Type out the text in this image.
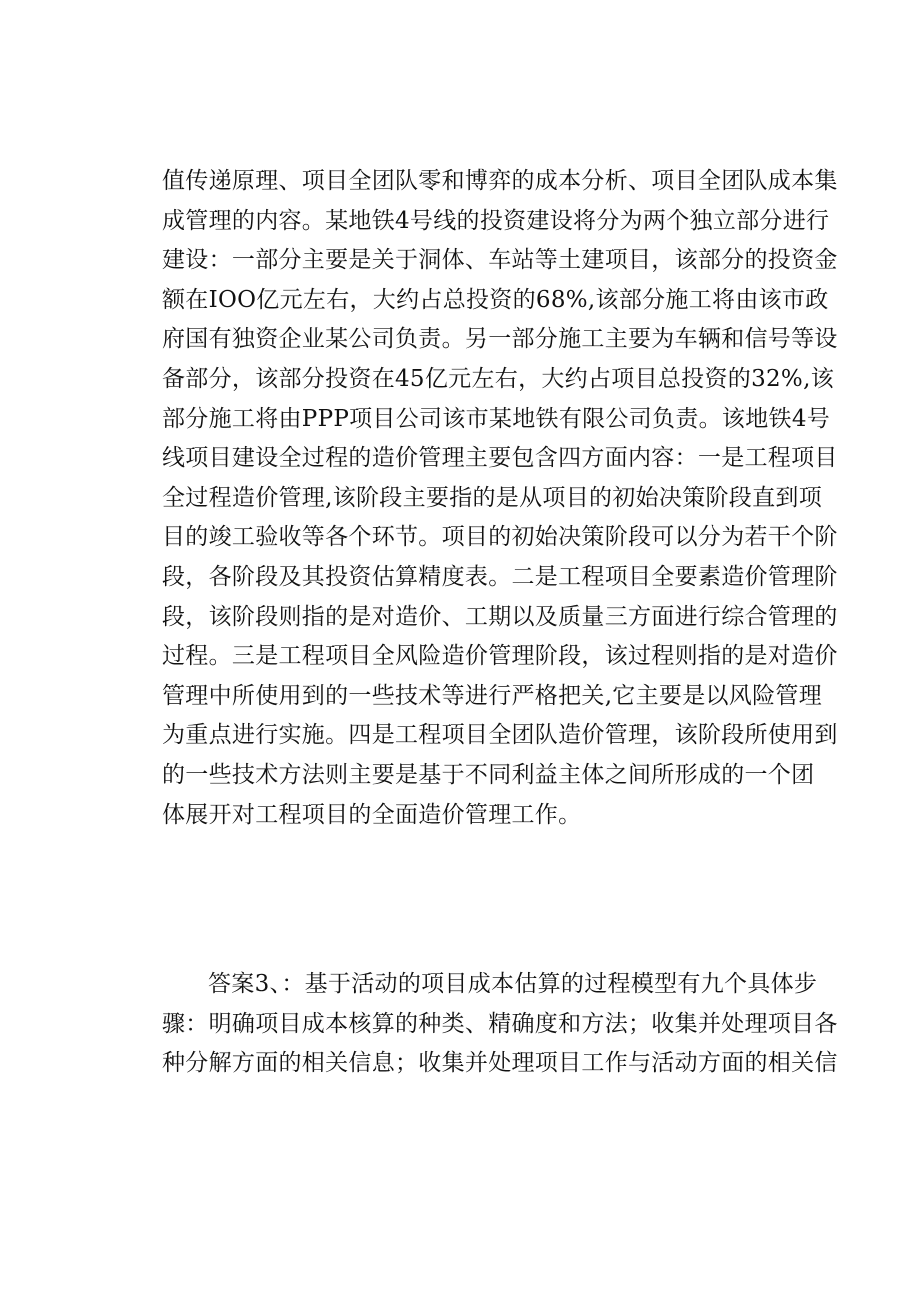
值传递原理、项目全团队零和博弈的成本分析、项目全团队成本集
成管理的内容。某地铁4号线的投资建设将分为两个独立部分进行
建设：一部分主要是关于洞体、车站等土建项目，该部分的投资金
额在IOO亿元左右，大约占总投资的68%,该部分施工将由该市政
府国有独资企业某公司负责。另一部分施工主要为车辆和信号等设
备部分，该部分投资在45亿元左右，大约占项目总投资的32%,该
部分施工将由PPP项目公司该市某地铁有限公司负责。该地铁4号
线项目建设全过程的造价管理主要包含四方面内容：一是工程项目
全过程造价管理,该阶段主要指的是从项目的初始决策阶段直到项
目的竣工验收等各个环节。项目的初始决策阶段可以分为若干个阶
段，各阶段及其投资估算精度表。二是工程项目全要素造价管理阶
段，该阶段则指的是对造价、工期以及质量三方面进行综合管理的
过程。三是工程项目全风险造价管理阶段，该过程则指的是对造价
管理中所使用到的一些技术等进行严格把关,它主要是以风险管理
为重点进行实施。四是工程项目全团队造价管理，该阶段所使用到
的一些技术方法则主要是基于不同利益主体之间所形成的一个团
体展开对工程项目的全面造价管理工作。
答案3、：基于活动的项目成本估算的过程模型有九个具体步
骤：明确项目成本核算的种类、精确度和方法；收集并处理项目各
种分解方面的相关信息；收集并处理项目工作与活动方面的相关信
